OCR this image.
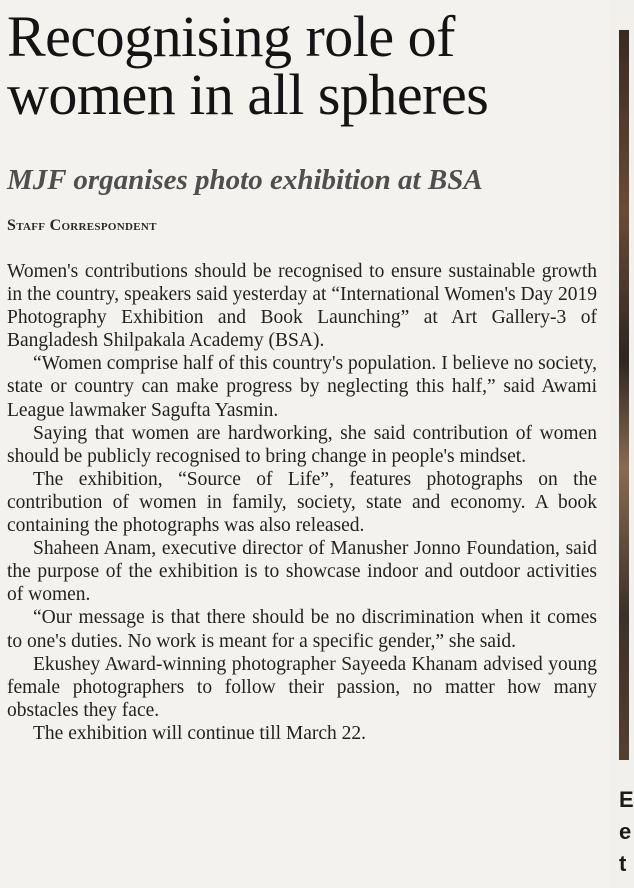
Recognising role of women in all spheres
MJF organises photo exhibition at BSA
Staff Correspondent

Women's contributions should be recognised to ensure sustainable growth in the country, speakers said yesterday at “International Women's Day 2019 Photography Exhibition and Book Launching” at Art Gallery-3 of Bangladesh Shilpakala Academy (BSA).

“Women comprise half of this country's population. I believe no society, state or country can make progress by neglecting this half,” said Awami League lawmaker Sagufta Yasmin.

Saying that women are hardworking, she said contribution of women should be publicly recognised to bring change in people's mindset.

The exhibition, “Source of Life”, features photographs on the contribution of women in family, society, state and economy. A book containing the photographs was also released.

Shaheen Anam, executive director of Manusher Jonno Foundation, said the purpose of the exhibition is to showcase indoor and outdoor activities of women.

“Our message is that there should be no discrimination when it comes to one's duties. No work is meant for a specific gender,” she said.

Ekushey Award-winning photographer Sayeeda Khanam advised young female photographers to follow their passion, no matter how many obstacles they face.

The exhibition will continue till March 22.

E
e
t
